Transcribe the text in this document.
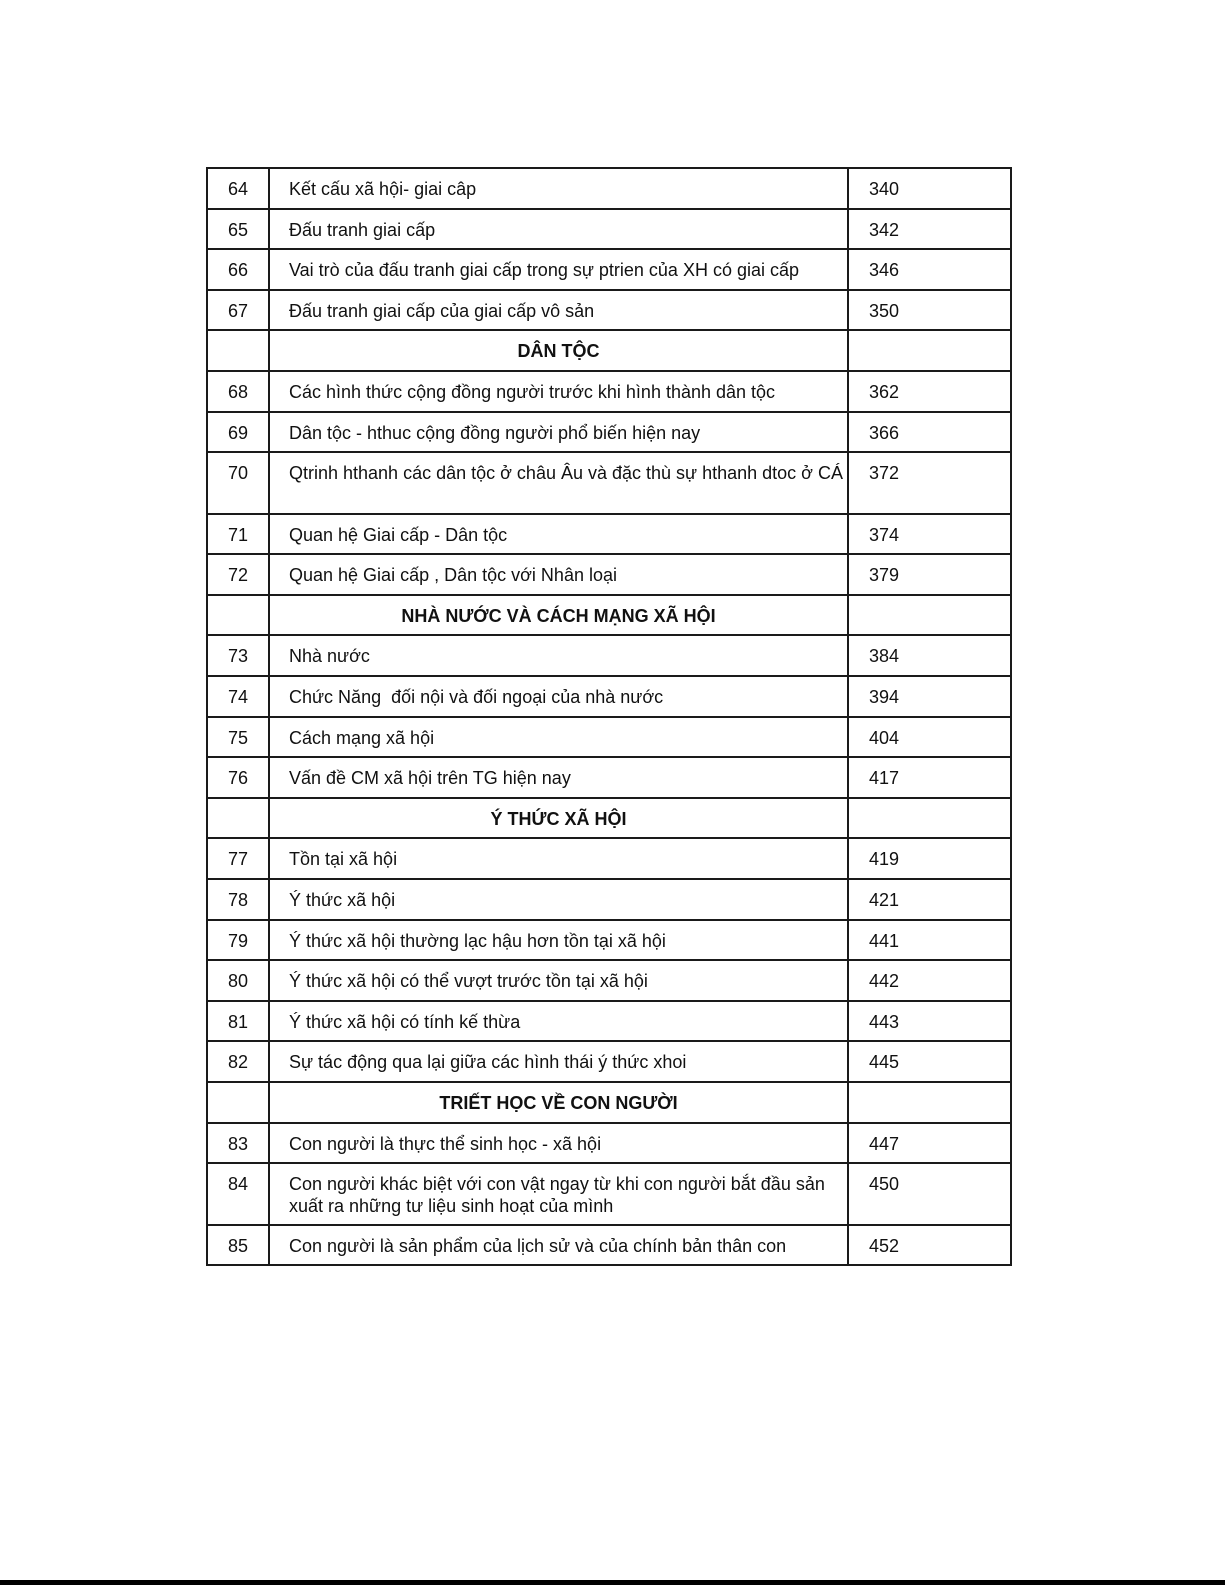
64	Kết cấu xã hội- giai câp	340
65	Đấu tranh giai cấp	342
66	Vai trò của đấu tranh giai cấp trong sự ptrien của XH có giai cấp	346
67	Đấu tranh giai cấp của giai cấp vô sản	350
	DÂN TỘC	
68	Các hình thức cộng đồng người trước khi hình thành dân tộc	362
69	Dân tộc - hthuc cộng đồng người phổ biến hiện nay	366
70	Qtrinh hthanh các dân tộc ở châu Âu và đặc thù sự hthanh dtoc ở CÁ	372
71	Quan hệ Giai cấp - Dân tộc	374
72	Quan hệ Giai cấp , Dân tộc với Nhân loại	379
	NHÀ NƯỚC VÀ CÁCH MẠNG XÃ HỘI	
73	Nhà nước	384
74	Chức Năng  đối nội và đối ngoại của nhà nước	394
75	Cách mạng xã hội	404
76	Vấn đề CM xã hội trên TG hiện nay	417
	Ý THỨC XÃ HỘI	
77	Tồn tại xã hội	419
78	Ý thức xã hội	421
79	Ý thức xã hội thường lạc hậu hơn tồn tại xã hội	441
80	Ý thức xã hội có thể vượt trước tồn tại xã hội	442
81	Ý thức xã hội có tính kế thừa	443
82	Sự tác động qua lại giữa các hình thái ý thức xhoi	445
	TRIẾT HỌC VỀ CON NGƯỜI	
83	Con người là thực thể sinh học - xã hội	447
84	Con người khác biệt với con vật ngay từ khi con người bắt đầu sản xuất ra những tư liệu sinh hoạt của mình	450
85	Con người là sản phẩm của lịch sử và của chính bản thân con	452
